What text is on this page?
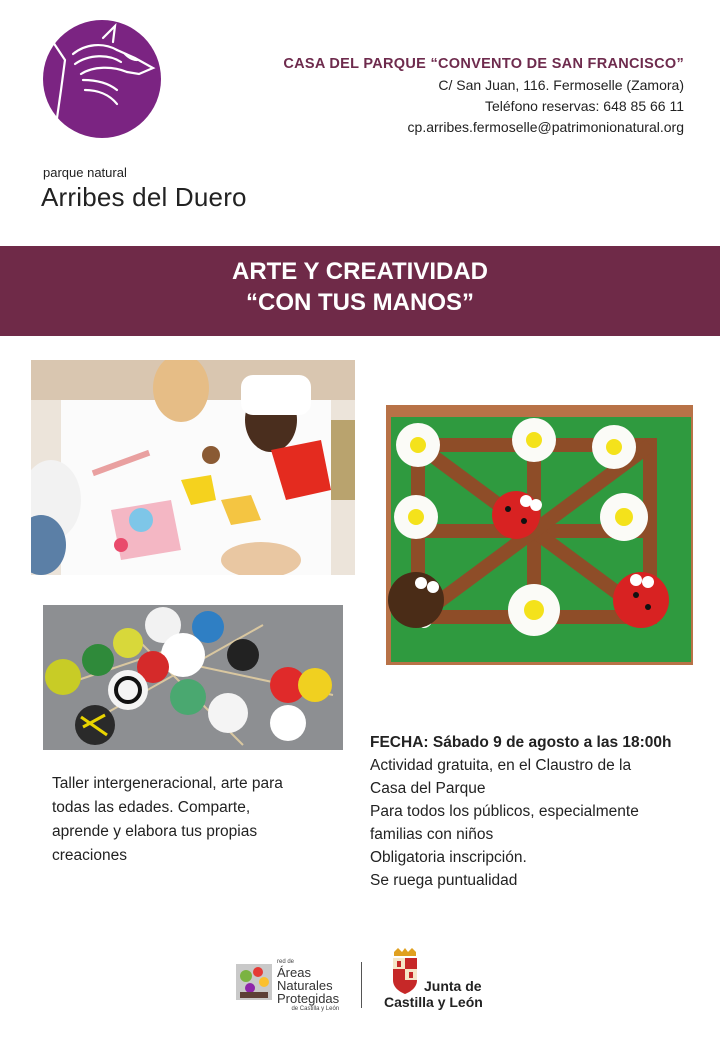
parque natural
Arribes del Duero
CASA DEL PARQUE “CONVENTO DE SAN FRANCISCO”
C/ San Juan, 116. Fermoselle (Zamora)
Teléfono reservas: 648 85 66 11
cp.arribes.fermoselle@patrimonionatural.org
ARTE Y CREATIVIDAD
“CON TUS MANOS”
Taller intergeneracional, arte para
todas las edades. Comparte,
aprende y elabora tus propias
creaciones
FECHA: Sábado 9 de agosto a las 18:00h
Actividad gratuita, en el Claustro de la
Casa del Parque
Para todos los públicos, especialmente
familias con niños
Obligatoria inscripción.
Se ruega puntualidad
red de
Áreas
Naturales
Protegidas
de Castilla y León
Junta de
Castilla y León
